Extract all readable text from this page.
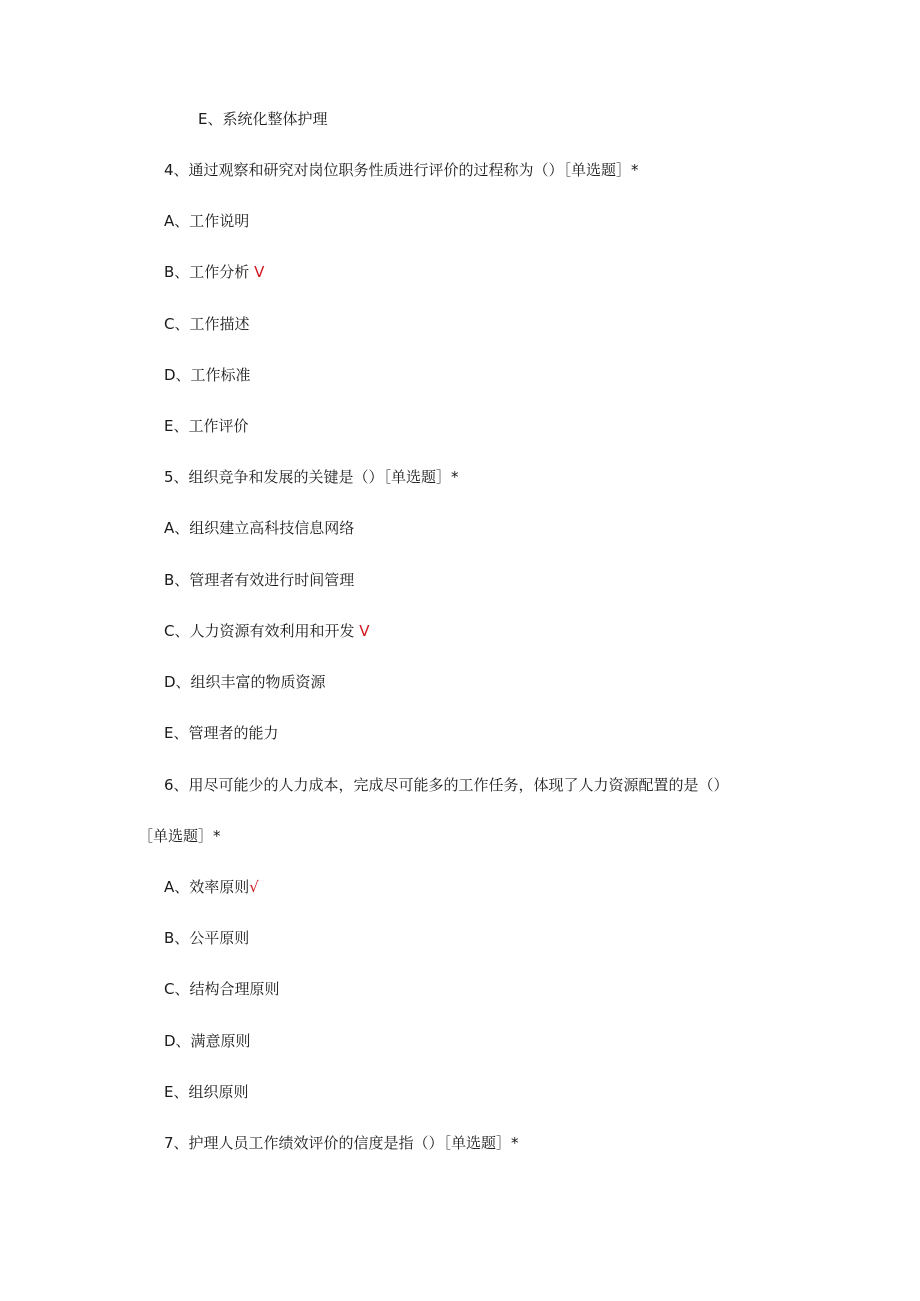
E、系统化整体护理
4、通过观察和研究对岗位职务性质进行评价的过程称为（）［单选题］*
A、工作说明
B、工作分析 V
C、工作描述
D、工作标准
E、工作评价
5、组织竞争和发展的关键是（）［单选题］*
A、组织建立高科技信息网络
B、管理者有效进行时间管理
C、人力资源有效利用和开发 V
D、组织丰富的物质资源
E、管理者的能力
6、用尽可能少的人力成本，完成尽可能多的工作任务，体现了人力资源配置的是（）
［单选题］*
A、效率原则√
B、公平原则
C、结构合理原则
D、满意原则
E、组织原则
7、护理人员工作绩效评价的信度是指（）［单选题］*
